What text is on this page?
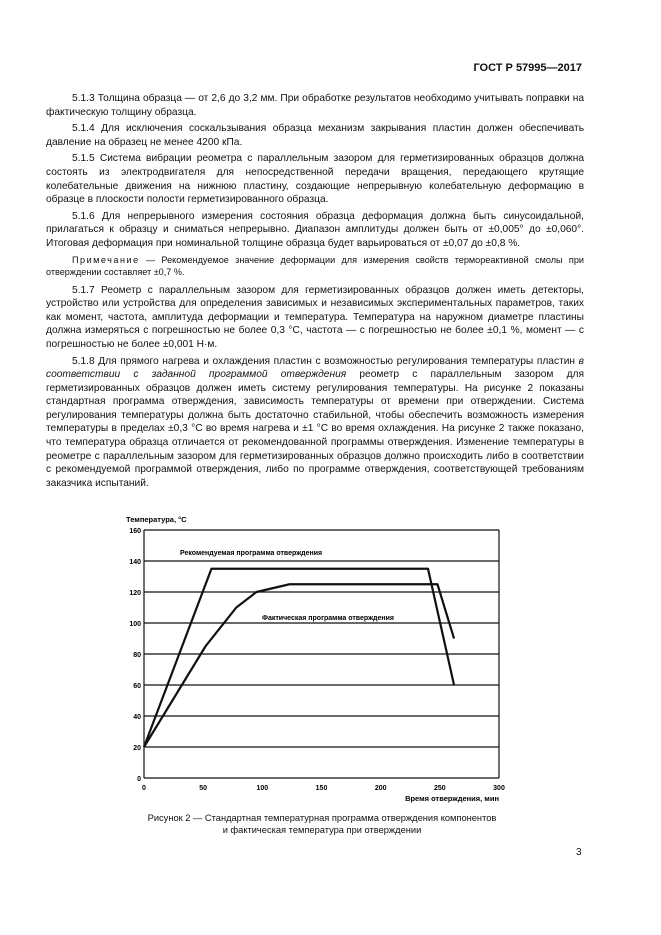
ГОСТ Р 57995—2017

5.1.3 Толщина образца — от 2,6 до 3,2 мм. При обработке результатов необходимо учитывать поправки на фактическую толщину образца.

5.1.4 Для исключения соскальзывания образца механизм закрывания пластин должен обеспечивать давление на образец не менее 4200 кПа.

5.1.5 Система вибрации реометра с параллельным зазором для герметизированных образцов должна состоять из электродвигателя для непосредственной передачи вращения, передающего крутящие колебательные движения на нижнюю пластину, создающие непрерывную колебательную деформацию в образце в плоскости полости герметизированного образца.

5.1.6 Для непрерывного измерения состояния образца деформация должна быть синусоидальной, прилагаться к образцу и сниматься непрерывно. Диапазон амплитуды должен быть от ±0,005° до ±0,060°. Итоговая деформация при номинальной толщине образца будет варьироваться от ±0,07 до ±0,8 %.

Примечание — Рекомендуемое значение деформации для измерения свойств термореактивной смолы при отверждении составляет ±0,7 %.

5.1.7 Реометр с параллельным зазором для герметизированных образцов должен иметь детекторы, устройство или устройства для определения зависимых и независимых экспериментальных параметров, таких как момент, частота, амплитуда деформации и температура. Температура на наружном диаметре пластины должна измеряться с погрешностью не более 0,3 °С, частота — с погрешностью не более ±0,1 %, момент — с погрешностью не более ±0,001 Н·м.

5.1.8 Для прямого нагрева и охлаждения пластин с возможностью регулирования температуры пластин в соответствии с заданной программой отверждения реометр с параллельным зазором для герметизированных образцов должен иметь систему регулирования температуры. На рисунке 2 показаны стандартная программа отверждения, зависимость температуры от времени при отверждении. Система регулирования температуры должна быть достаточно стабильной, чтобы обеспечить возможность измерения температуры в пределах ±0,3 °С во время нагрева и ±1 °С во время охлаждения. На рисунке 2 также показано, что температура образца отличается от рекомендованной программы отверждения. Изменение температуры в реометре с параллельным зазором для герметизированных образцов должно происходить либо в соответствии с рекомендуемой программой отверждения, либо по программе отверждения, соответствующей требованиям заказчика испытаний.

0
20
40
60
80
100
120
140
160
0	50	100	150	200	250	300
Температура, °С
Время отверждения, мин
Рекомендуемая программа отверждения
Фактическая программа отверждения
Рисунок 2 — Стандартная температурная программа отверждения компонентов
и фактическая температура при отверждении
3
